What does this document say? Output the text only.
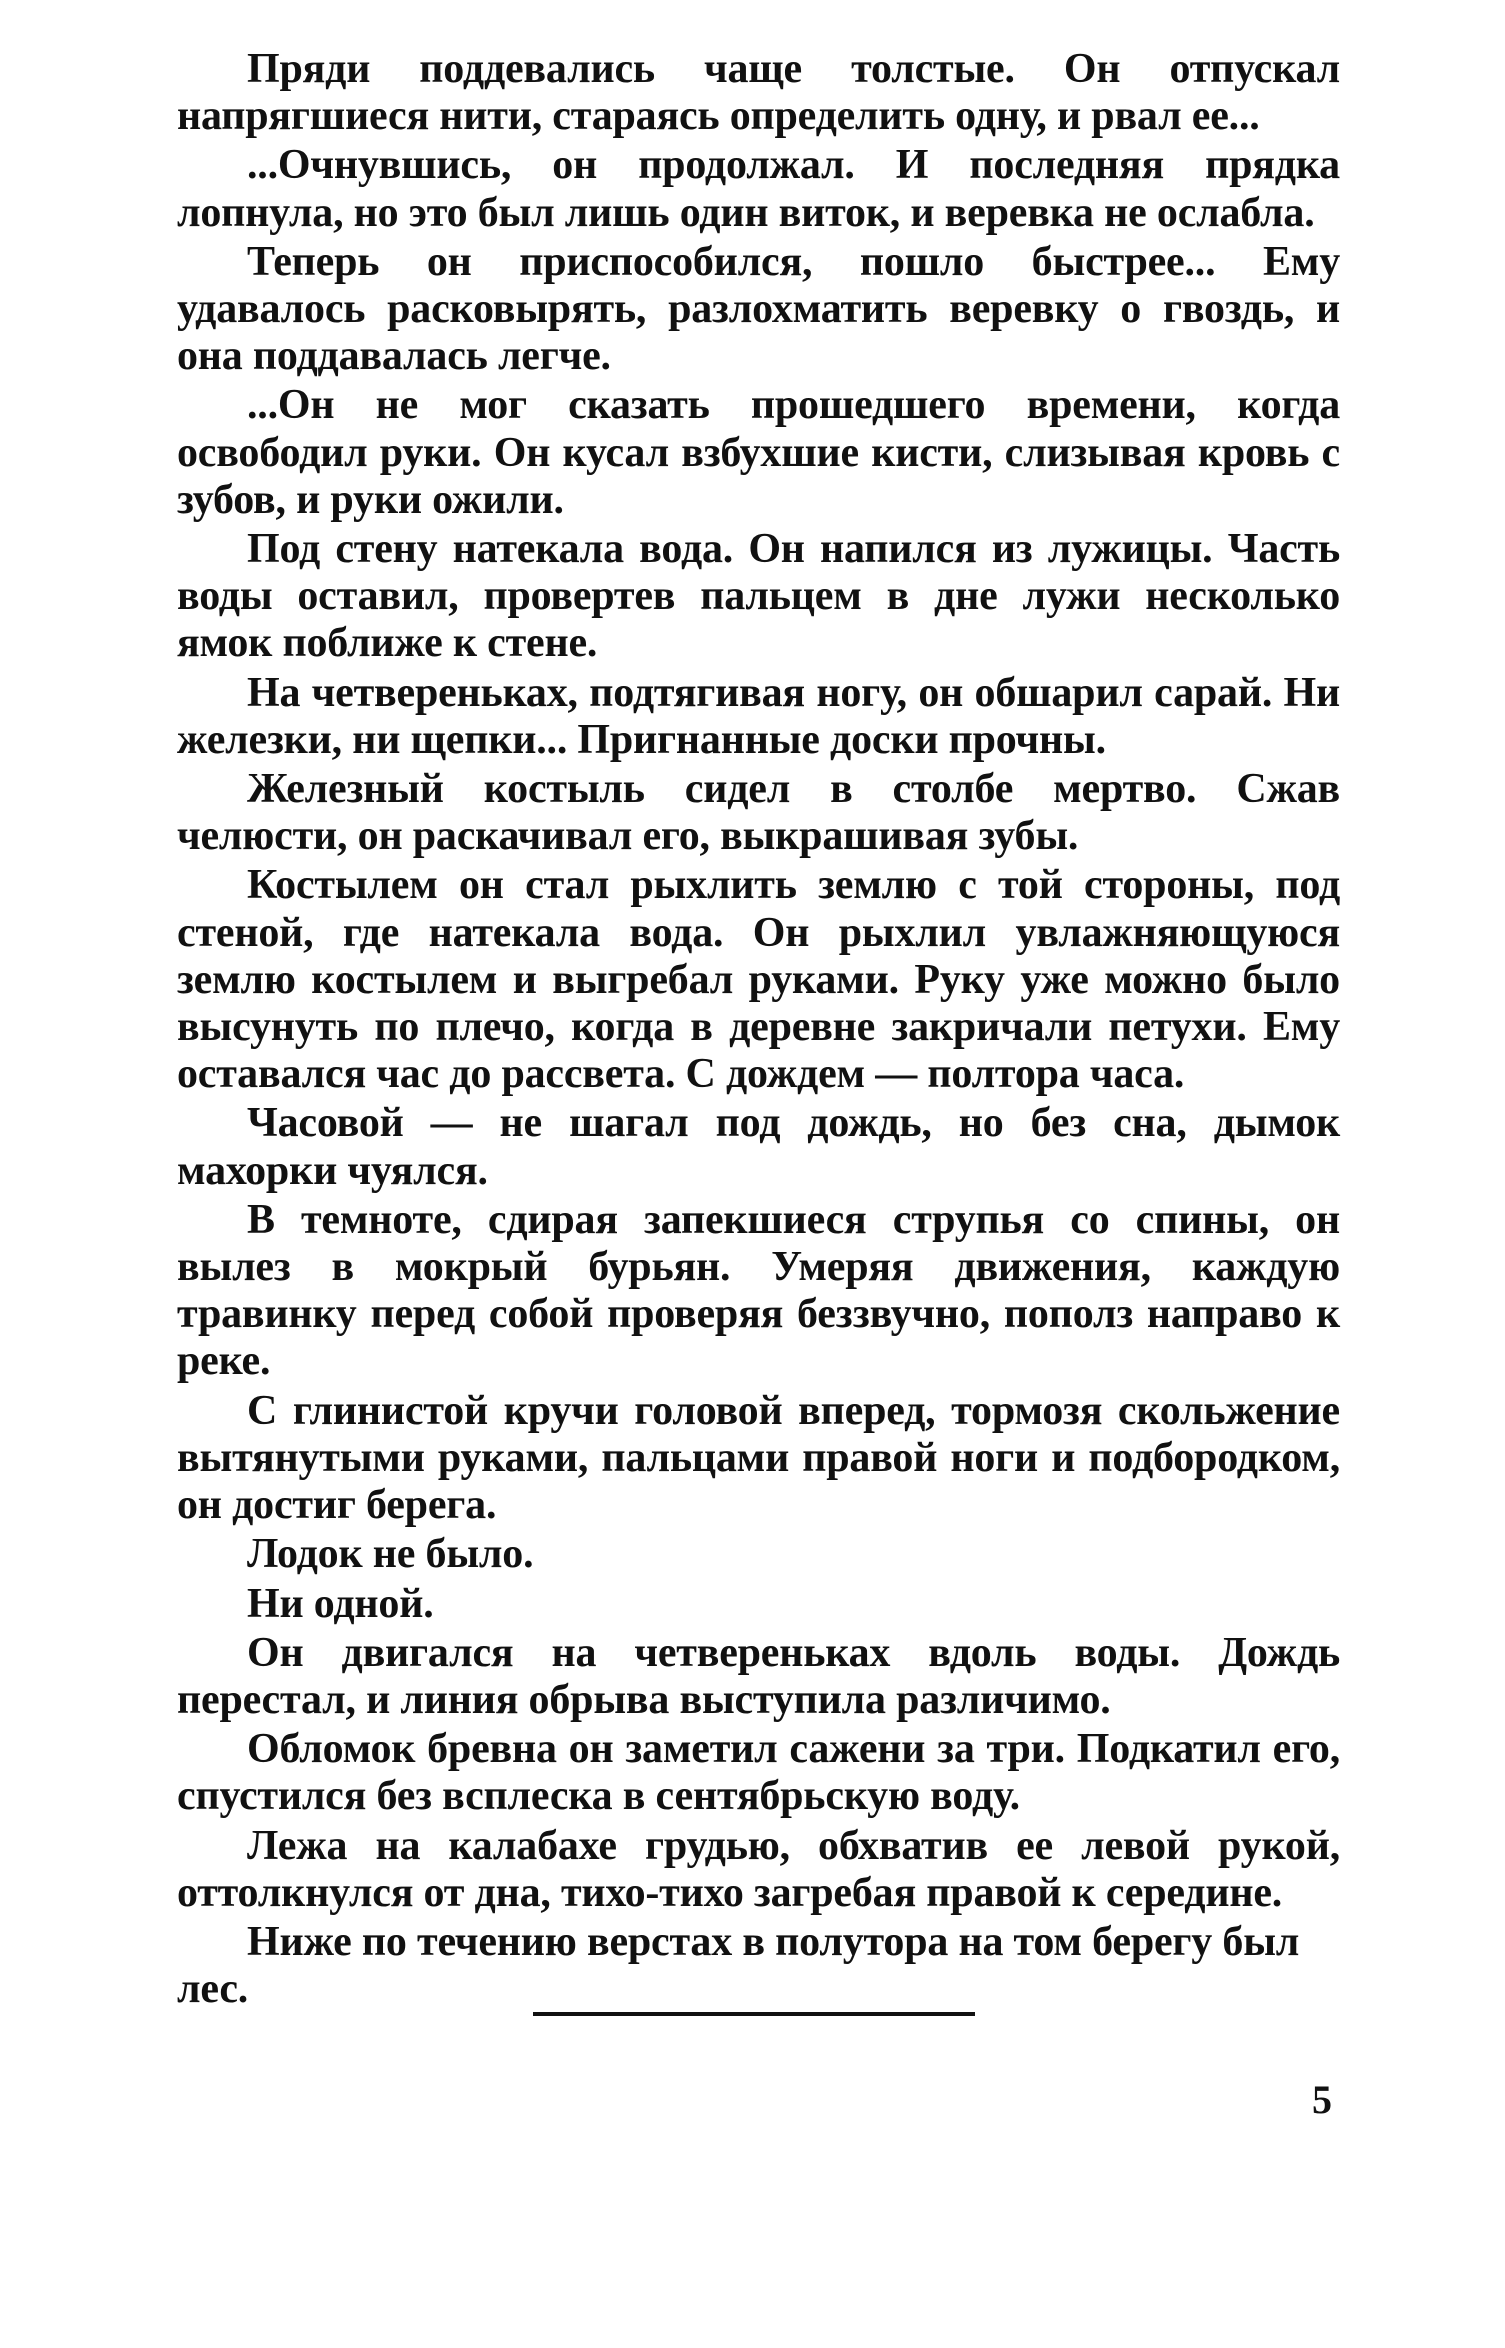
Пряди поддевались чаще толстые. Он отпускал напрягшиеся нити, стараясь определить одну, и рвал ее...

...Очнувшись, он продолжал. И последняя прядка лопнула, но это был лишь один виток, и веревка не ослабла.

Теперь он приспособился, пошло быстрее... Ему удавалось расковырять, разлохматить веревку о гвоздь, и она поддавалась легче.

...Он не мог сказать прошедшего времени, когда освободил руки. Он кусал взбухшие кисти, слизывая кровь с зубов, и руки ожили.

Под стену натекала вода. Он напился из лужицы. Часть воды оставил, провертев пальцем в дне лужи несколько ямок поближе к стене.

На четвереньках, подтягивая ногу, он обшарил сарай. Ни железки, ни щепки... Пригнанные доски прочны.

Железный костыль сидел в столбе мертво. Сжав челюсти, он раскачивал его, выкрашивая зубы.

Костылем он стал рыхлить землю с той стороны, под стеной, где натекала вода. Он рыхлил увлажняющуюся землю костылем и выгребал руками. Руку уже можно было высунуть по плечо, когда в деревне закричали петухи. Ему оставался час до рассвета. С дождем — полтора часа.

Часовой — не шагал под дождь, но без сна, дымок махорки чуялся.

В темноте, сдирая запекшиеся струпья со спины, он вылез в мокрый бурьян. Умеряя движения, каждую травинку перед собой проверяя беззвучно, пополз направо к реке.

С глинистой кручи головой вперед, тормозя скольжение вытянутыми руками, пальцами правой ноги и подбородком, он достиг берега.

Лодок не было.

Ни одной.

Он двигался на четвереньках вдоль воды. Дождь перестал, и линия обрыва выступила различимо.

Обломок бревна он заметил сажени за три. Подкатил его, спустился без всплеска в сентябрьскую воду.

Лежа на калабахе грудью, обхватив ее левой рукой, оттолкнулся от дна, тихо-тихо загребая правой к середине.

Ниже по течению верстах в полутора на том берегу был лес.

5
